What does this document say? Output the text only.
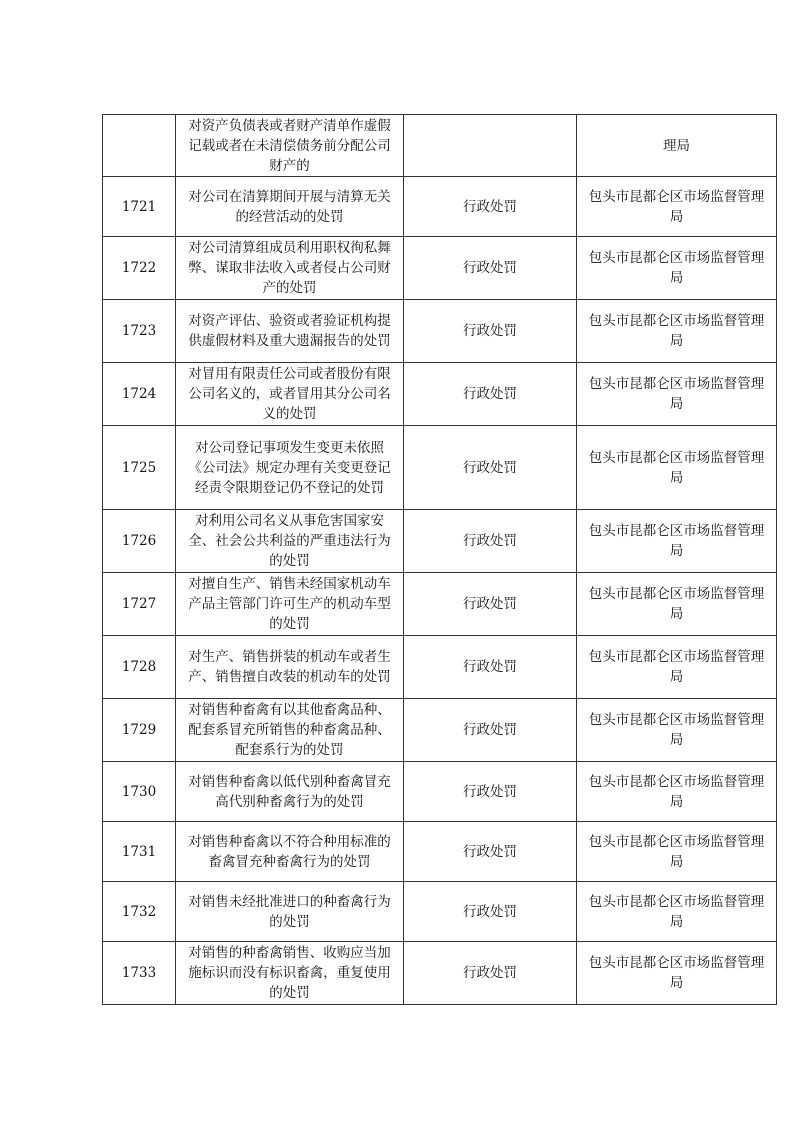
	对资产负债表或者财产清单作虚假记载或者在未清偿债务前分配公司财产的		理局
1721	对公司在清算期间开展与清算无关的经营活动的处罚	行政处罚	包头市昆都仑区市场监督管理局
1722	对公司清算组成员利用职权徇私舞弊、谋取非法收入或者侵占公司财产的处罚	行政处罚	包头市昆都仑区市场监督管理局
1723	对资产评估、验资或者验证机构提供虚假材料及重大遗漏报告的处罚	行政处罚	包头市昆都仑区市场监督管理局
1724	对冒用有限责任公司或者股份有限公司名义的，或者冒用其分公司名义的处罚	行政处罚	包头市昆都仑区市场监督管理局
1725	对公司登记事项发生变更未依照《公司法》规定办理有关变更登记经责令限期登记仍不登记的处罚	行政处罚	包头市昆都仑区市场监督管理局
1726	对利用公司名义从事危害国家安全、社会公共利益的严重违法行为的处罚	行政处罚	包头市昆都仑区市场监督管理局
1727	对擅自生产、销售未经国家机动车产品主管部门许可生产的机动车型的处罚	行政处罚	包头市昆都仑区市场监督管理局
1728	对生产、销售拼装的机动车或者生产、销售擅自改装的机动车的处罚	行政处罚	包头市昆都仑区市场监督管理局
1729	对销售种畜禽有以其他畜禽品种、配套系冒充所销售的种畜禽品种、配套系行为的处罚	行政处罚	包头市昆都仑区市场监督管理局
1730	对销售种畜禽以低代别种畜禽冒充高代别种畜禽行为的处罚	行政处罚	包头市昆都仑区市场监督管理局
1731	对销售种畜禽以不符合种用标准的畜禽冒充种畜禽行为的处罚	行政处罚	包头市昆都仑区市场监督管理局
1732	对销售未经批准进口的种畜禽行为的处罚	行政处罚	包头市昆都仑区市场监督管理局
1733	对销售的种畜禽销售、收购应当加施标识而没有标识畜禽，重复使用的处罚	行政处罚	包头市昆都仑区市场监督管理局
